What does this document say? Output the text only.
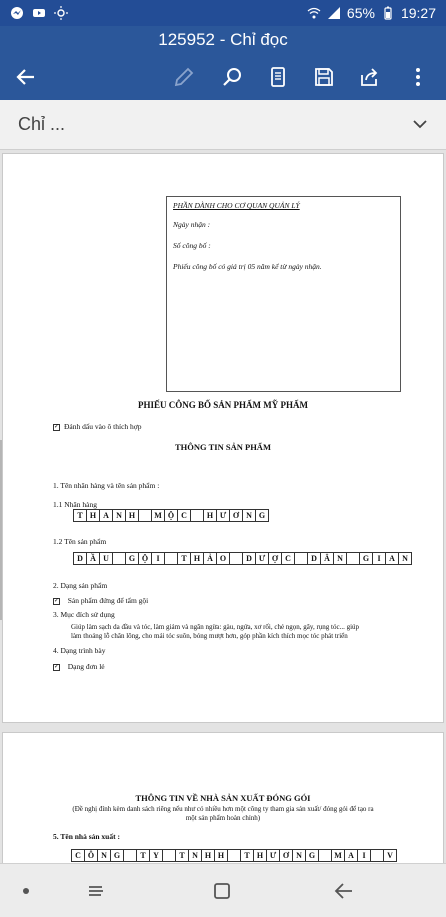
65% 19:27
125952 - Chỉ đọc
Chỉ ...
PHẦN DÀNH CHO CƠ QUAN QUẢN LÝ
Ngày nhận :
Số công bố :
Phiếu công bố có giá trị 05 năm kể từ ngày nhận.
PHIẾU CÔNG BỐ SẢN PHẨM MỸ PHẨM
✓ Đánh dấu vào ô thích hợp
THÔNG TIN SẢN PHẨM
1. Tên nhãn hàng và tên sản phẩm :
1.1 Nhãn hàng
T H A N H	M Ộ C	H Ư Ơ N G
1.2 Tên sản phẩm
D Ầ U	G Ộ	I	T H Ả O	D Ư Ợ C	D Â N	G	I	A N
2. Dạng sản phẩm
✓ Sản phẩm đứng để tẩm gội
3. Mục đích sử dụng
Giúp làm sạch da đầu và tóc, làm giảm và ngăn ngừa: gàu, ngứa, xơ rối, chẻ ngọn, gãy, rụng tóc... giúp
làm thoáng lỗ chân lông, cho mái tóc suôn, bóng mượt hơn, góp phần kích thích mọc tóc phát triển
4. Dạng trình bày
✓ Dạng đơn lẻ
THÔNG TIN VỀ NHÀ SẢN XUẤT ĐÓNG GÓI
(Đề nghị đính kèm danh sách riêng nếu như có nhiều hơn một công ty tham gia sản xuất/ đóng gói để tạo ra
một sản phẩm hoàn chỉnh)
5. Tên nhà sản xuất :
C Ô N G	T Y	T N H H	T H Ư Ơ N G	M A	I	V
